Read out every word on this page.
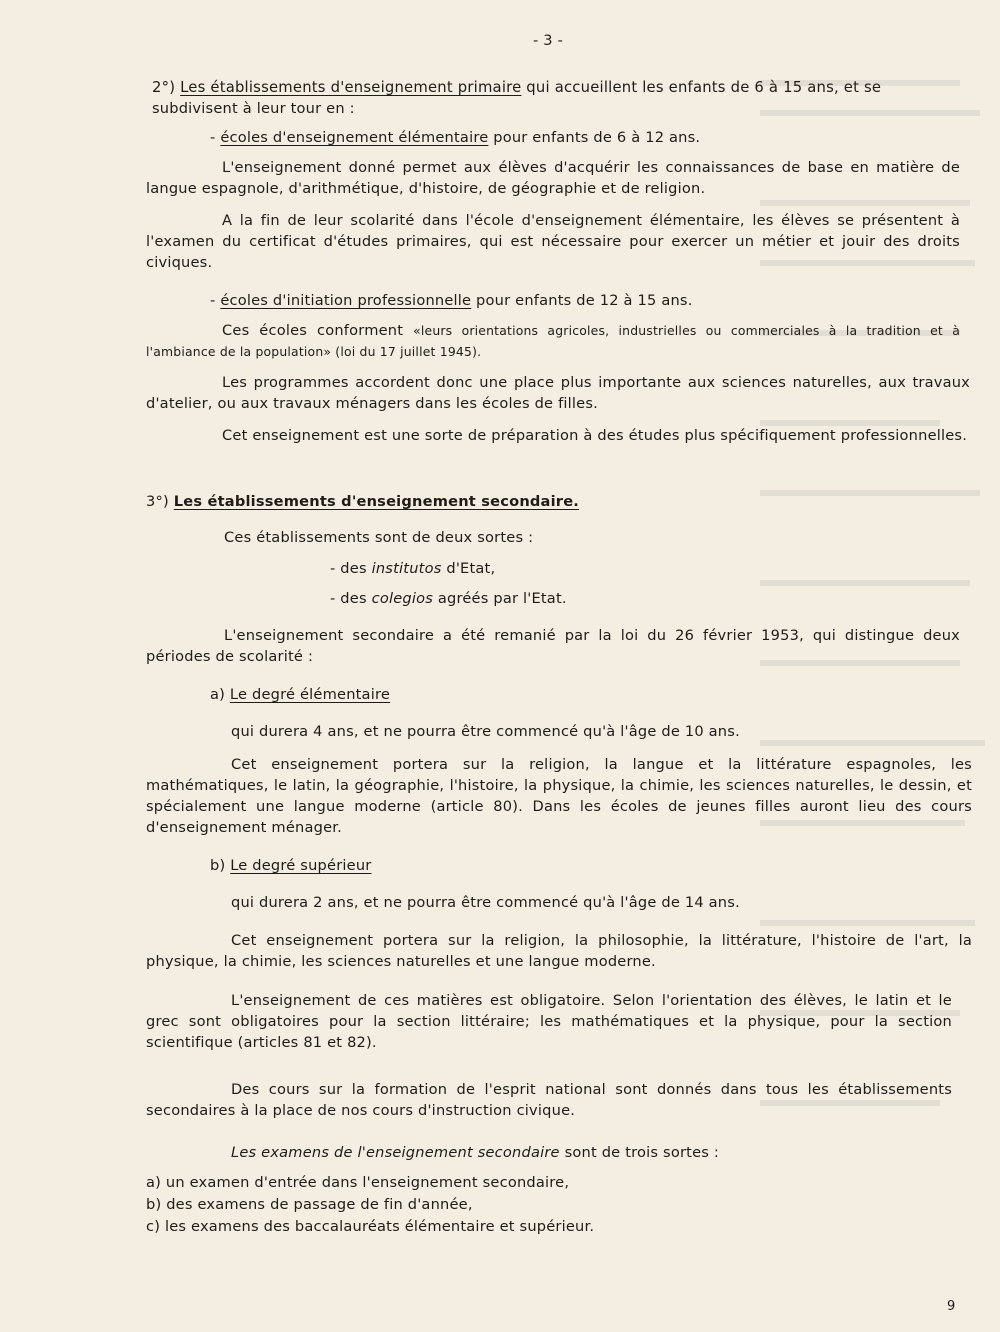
- 3 -
2°) Les établissements d'enseignement primaire qui accueillent les enfants de 6 à 15 ans, et se
subdivisent à leur tour en :
- écoles d'enseignement élémentaire pour enfants de 6 à 12 ans.
L'enseignement donné permet aux élèves d'acquérir les connaissances de base en matière de langue espagnole, d'arithmétique, d'histoire, de géographie et de religion.
A la fin de leur scolarité dans l'école d'enseignement élémentaire, les élèves se présentent à l'examen du certificat d'études primaires, qui est nécessaire pour exercer un métier et jouir des droits civiques.
- écoles d'initiation professionnelle pour enfants de 12 à 15 ans.
Ces écoles conforment «leurs orientations agricoles, industrielles ou commerciales à la tradition et à l'ambiance de la population» (loi du 17 juillet 1945).
Les programmes accordent donc une place plus importante aux sciences naturelles, aux travaux d'atelier, ou aux travaux ménagers dans les écoles de filles.
Cet enseignement est une sorte de préparation à des études plus spécifiquement professionnelles.
3°) Les établissements d'enseignement secondaire.
Ces établissements sont de deux sortes :
- des institutos d'Etat,
- des colegios agréés par l'Etat.
L'enseignement secondaire a été remanié par la loi du 26 février 1953, qui distingue deux périodes de scolarité :
a) Le degré élémentaire
qui durera 4 ans, et ne pourra être commencé qu'à l'âge de 10 ans.
Cet enseignement portera sur la religion, la langue et la littérature espagnoles, les mathématiques, le latin, la géographie, l'histoire, la physique, la chimie, les sciences naturelles, le dessin, et spécialement une langue moderne (article 80). Dans les écoles de jeunes filles auront lieu des cours d'enseignement ménager.
b) Le degré supérieur
qui durera 2 ans, et ne pourra être commencé qu'à l'âge de 14 ans.
Cet enseignement portera sur la religion, la philosophie, la littérature, l'histoire de l'art, la physique, la chimie, les sciences naturelles et une langue moderne.
L'enseignement de ces matières est obligatoire. Selon l'orientation des élèves, le latin et le grec sont obligatoires pour la section littéraire; les mathématiques et la physique, pour la section scientifique (articles 81 et 82).
Des cours sur la formation de l'esprit national sont donnés dans tous les établissements secondaires à la place de nos cours d'instruction civique.
Les examens de l'enseignement secondaire sont de trois sortes :
a) un examen d'entrée dans l'enseignement secondaire,
b) des examens de passage de fin d'année,
c) les examens des baccalauréats élémentaire et supérieur.
9
